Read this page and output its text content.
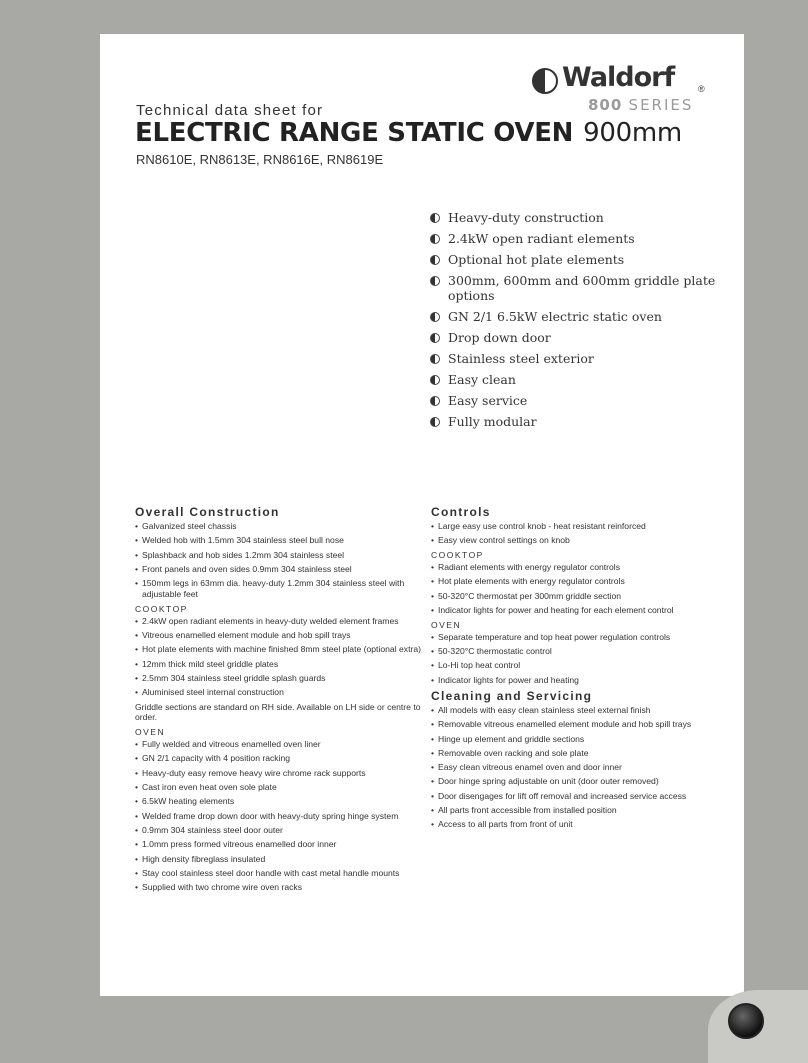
Waldorf	®
800 SERIES
Technical data sheet for
ELECTRIC RANGE STATIC OVEN 900mm
RN8610E, RN8613E, RN8616E, RN8619E
Heavy-duty construction
2.4kW open radiant elements
Optional hot plate elements
300mm, 600mm and 600mm griddle plate options
GN 2/1 6.5kW electric static oven
Drop down door
Stainless steel exterior
Easy clean
Easy service
Fully modular
Overall Construction
• Galvanized steel chassis
• Welded hob with 1.5mm 304 stainless steel bull nose
• Splashback and hob sides 1.2mm 304 stainless steel
• Front panels and oven sides 0.9mm 304 stainless steel
• 150mm legs in 63mm dia. heavy-duty 1.2mm 304 stainless steel with adjustable feet
COOKTOP
• 2.4kW open radiant elements in heavy-duty welded element frames
• Vitreous enamelled element module and hob spill trays
• Hot plate elements with machine finished 8mm steel plate (optional extra)
• 12mm thick mild steel griddle plates
• 2.5mm 304 stainless steel griddle splash guards
• Aluminised steel internal construction

Griddle sections are standard on RH side. Available on LH side or centre to order.

OVEN
• Fully welded and vitreous enamelled oven liner
• GN 2/1 capacity with 4 position racking
• Heavy-duty easy remove heavy wire chrome rack supports
• Cast iron even heat oven sole plate
• 6.5kW heating elements
• Welded frame drop down door with heavy-duty spring hinge system
• 0.9mm 304 stainless steel door outer
• 1.0mm press formed vitreous enamelled door inner
• High density fibreglass insulated
• Stay cool stainless steel door handle with cast metal handle mounts
• Supplied with two chrome wire oven racks
Controls
• Large easy use control knob - heat resistant reinforced
• Easy view control settings on knob
COOKTOP
• Radiant elements with energy regulator controls
• Hot plate elements with energy regulator controls
• 50-320°C thermostat per 300mm griddle section
• Indicator lights for power and heating for each element control
OVEN
• Separate temperature and top heat power regulation controls
• 50-320°C thermostatic control
• Lo-Hi top heat control
• Indicator lights for power and heating
Cleaning and Servicing
• All models with easy clean stainless steel external finish
• Removable vitreous enamelled element module and hob spill trays
• Hinge up element and griddle sections
• Removable oven racking and sole plate
• Easy clean vitreous enamel oven and door inner
• Door hinge spring adjustable on unit (door outer removed)
• Door disengages for lift off removal and increased service access
• All parts front accessible from installed position
• Access to all parts from front of unit
